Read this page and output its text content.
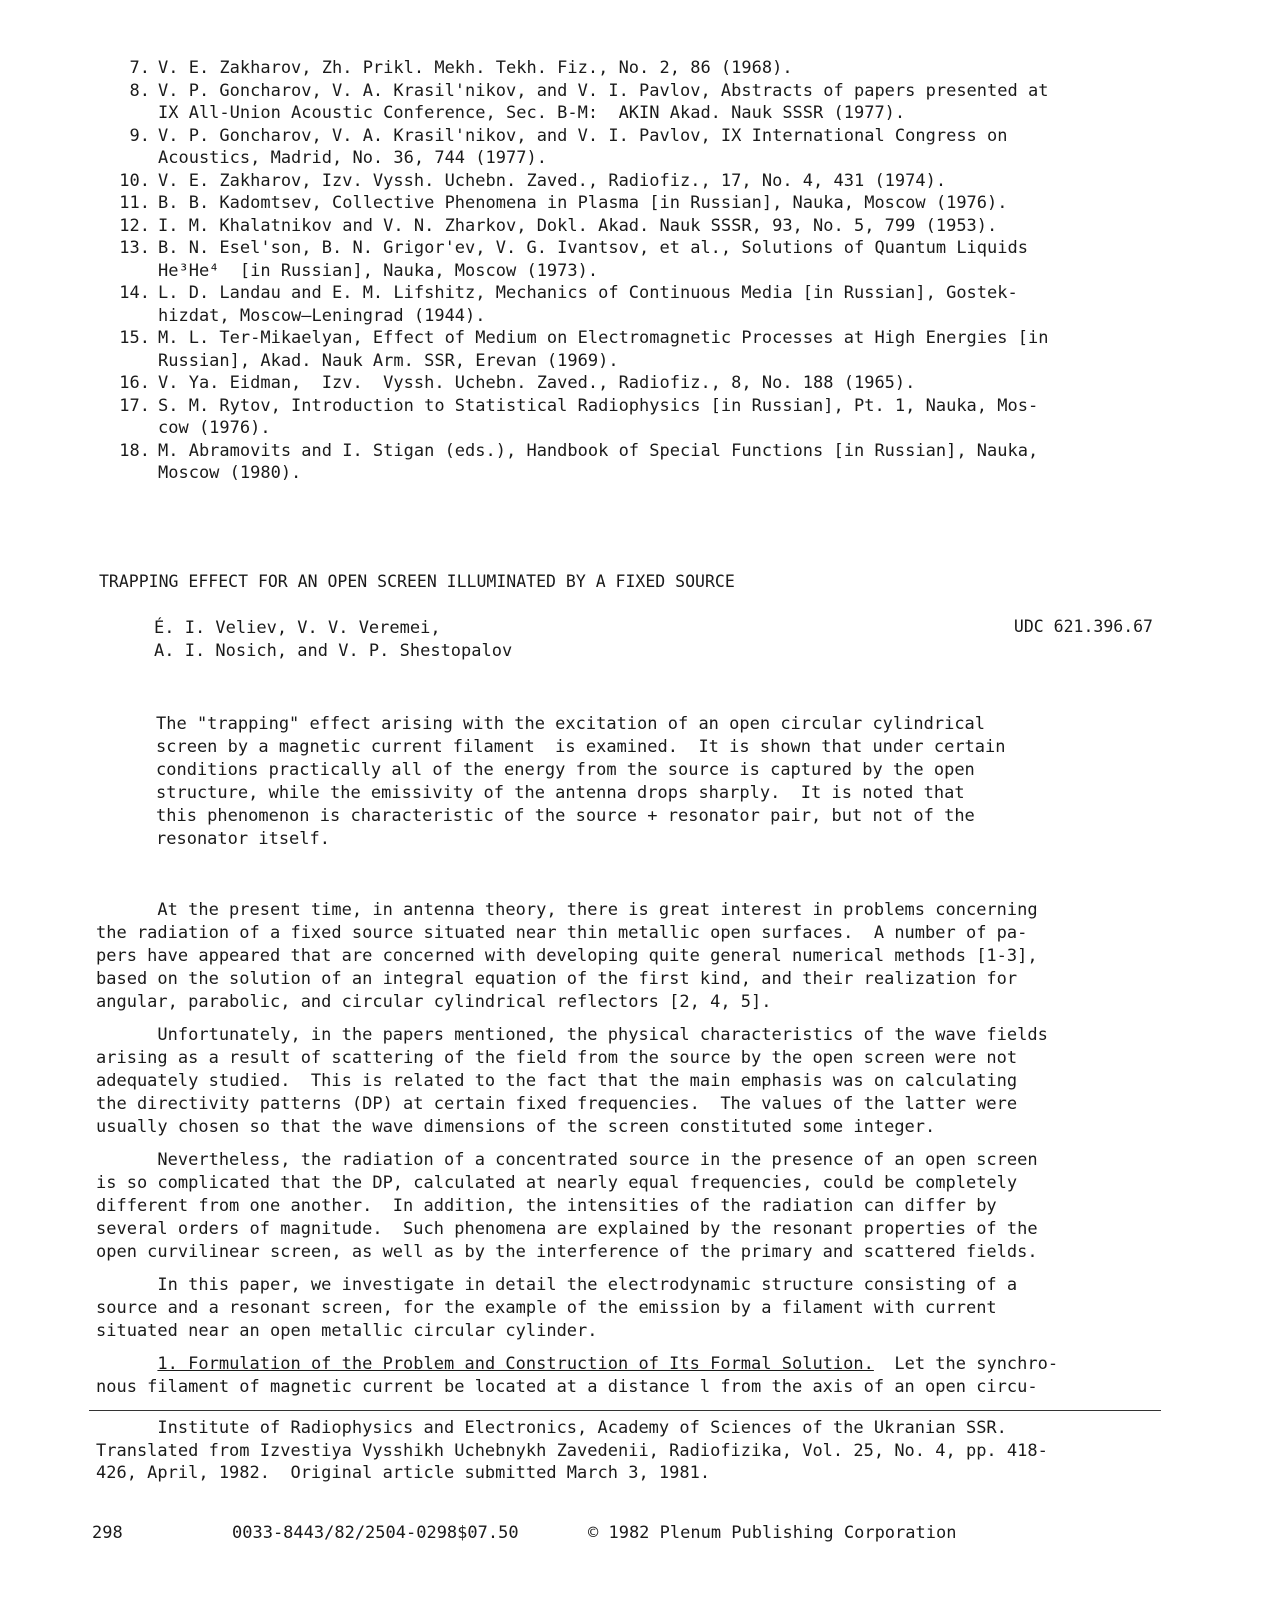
7. V. E. Zakharov, Zh. Prikl. Mekh. Tekh. Fiz., No. 2, 86 (1968).
8. V. P. Goncharov, V. A. Krasil'nikov, and V. I. Pavlov, Abstracts of papers presented at
IX All-Union Acoustic Conference, Sec. B-M:  AKIN Akad. Nauk SSSR (1977).
9. V. P. Goncharov, V. A. Krasil'nikov, and V. I. Pavlov, IX International Congress on
Acoustics, Madrid, No. 36, 744 (1977).
10. V. E. Zakharov, Izv. Vyssh. Uchebn. Zaved., Radiofiz., 17, No. 4, 431 (1974).
11. B. B. Kadomtsev, Collective Phenomena in Plasma [in Russian], Nauka, Moscow (1976).
12. I. M. Khalatnikov and V. N. Zharkov, Dokl. Akad. Nauk SSSR, 93, No. 5, 799 (1953).
13. B. N. Esel'son, B. N. Grigor'ev, V. G. Ivantsov, et al., Solutions of Quantum Liquids
He³He⁴  [in Russian], Nauka, Moscow (1973).
14. L. D. Landau and E. M. Lifshitz, Mechanics of Continuous Media [in Russian], Gostek-
hizdat, Moscow—Leningrad (1944).
15. M. L. Ter-Mikaelyan, Effect of Medium on Electromagnetic Processes at High Energies [in
Russian], Akad. Nauk Arm. SSR, Erevan (1969).
16. V. Ya. Eidman,  Izv.  Vyssh. Uchebn. Zaved., Radiofiz., 8, No. 188 (1965).
17. S. M. Rytov, Introduction to Statistical Radiophysics [in Russian], Pt. 1, Nauka, Mos-
cow (1976).
18. M. Abramovits and I. Stigan (eds.), Handbook of Special Functions [in Russian], Nauka,
Moscow (1980).
TRAPPING EFFECT FOR AN OPEN SCREEN ILLUMINATED BY A FIXED SOURCE
É. I. Veliev, V. V. Veremei,
A. I. Nosich, and V. P. Shestopalov
UDC 621.396.67
The "trapping" effect arising with the excitation of an open circular cylindrical
screen by a magnetic current filament  is examined.  It is shown that under certain
conditions practically all of the energy from the source is captured by the open
structure, while the emissivity of the antenna drops sharply.  It is noted that
this phenomenon is characteristic of the source + resonator pair, but not of the
resonator itself.
At the present time, in antenna theory, there is great interest in problems concerning
the radiation of a fixed source situated near thin metallic open surfaces.  A number of pa-
pers have appeared that are concerned with developing quite general numerical methods [1-3],
based on the solution of an integral equation of the first kind, and their realization for
angular, parabolic, and circular cylindrical reflectors [2, 4, 5].
Unfortunately, in the papers mentioned, the physical characteristics of the wave fields
arising as a result of scattering of the field from the source by the open screen were not
adequately studied.  This is related to the fact that the main emphasis was on calculating
the directivity patterns (DP) at certain fixed frequencies.  The values of the latter were
usually chosen so that the wave dimensions of the screen constituted some integer.
Nevertheless, the radiation of a concentrated source in the presence of an open screen
is so complicated that the DP, calculated at nearly equal frequencies, could be completely
different from one another.  In addition, the intensities of the radiation can differ by
several orders of magnitude.  Such phenomena are explained by the resonant properties of the
open curvilinear screen, as well as by the interference of the primary and scattered fields.
In this paper, we investigate in detail the electrodynamic structure consisting of a
source and a resonant screen, for the example of the emission by a filament with current
situated near an open metallic circular cylinder.
1. Formulation of the Problem and Construction of Its Formal Solution.  Let the synchro-
nous filament of magnetic current be located at a distance l from the axis of an open circu-
Institute of Radiophysics and Electronics, Academy of Sciences of the Ukranian SSR.
Translated from Izvestiya Vysshikh Uchebnykh Zavedenii, Radiofizika, Vol. 25, No. 4, pp. 418-
426, April, 1982.  Original article submitted March 3, 1981.
298	0033-8443/82/2504-0298$07.50	© 1982 Plenum Publishing Corporation
